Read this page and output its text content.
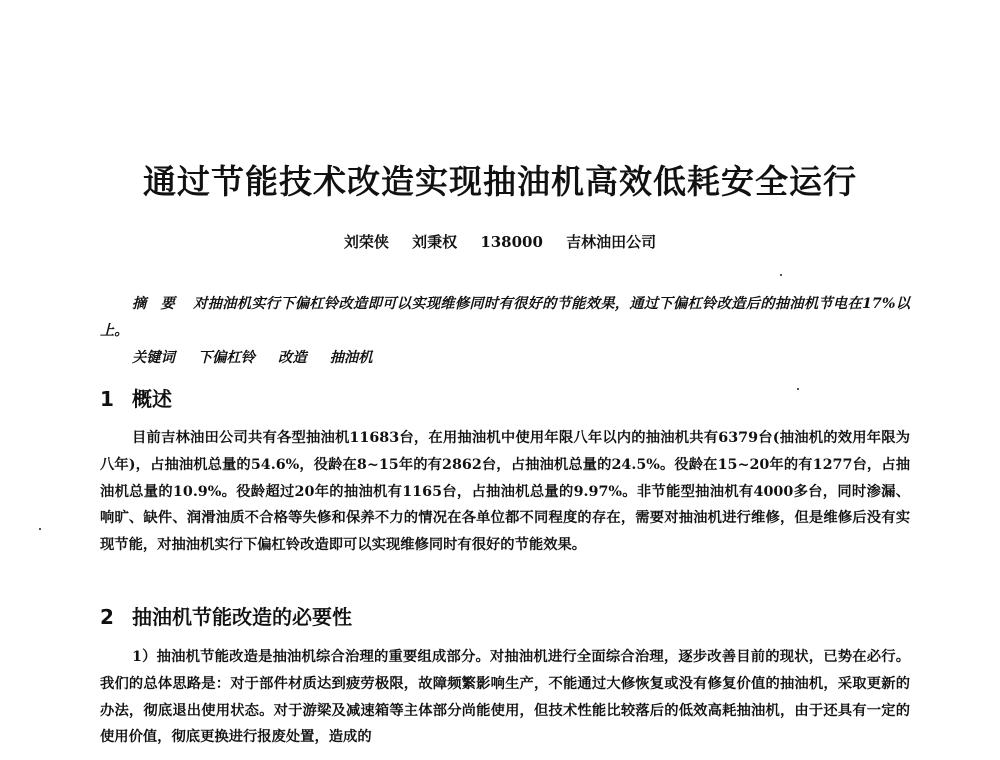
通过节能技术改造实现抽油机高效低耗安全运行
刘荣侠 刘秉权 138000 吉林油田公司
摘要 对抽油机实行下偏杠铃改造即可以实现维修同时有很好的节能效果，通过下偏杠铃改造后的抽油机节电在17%以上。
关键词 下偏杠铃 改造 抽油机
1 概述
目前吉林油田公司共有各型抽油机11683台，在用抽油机中使用年限八年以内的抽油机共有6379台(抽油机的效用年限为八年)，占抽油机总量的54.6%，役龄在8~15年的有2862台，占抽油机总量的24.5%。役龄在15~20年的有1277台，占抽油机总量的10.9%。役龄超过20年的抽油机有1165台，占抽油机总量的9.97%。非节能型抽油机有4000多台，同时渗漏、响旷、缺件、润滑油质不合格等失修和保养不力的情况在各单位都不同程度的存在，需要对抽油机进行维修，但是维修后没有实现节能，对抽油机实行下偏杠铃改造即可以实现维修同时有很好的节能效果。
2 抽油机节能改造的必要性
1）抽油机节能改造是抽油机综合治理的重要组成部分。对抽油机进行全面综合治理，逐步改善目前的现状，已势在必行。我们的总体思路是：对于部件材质达到疲劳极限，故障频繁影响生产，不能通过大修恢复或没有修复价值的抽油机，采取更新的办法，彻底退出使用状态。对于游梁及减速箱等主体部分尚能使用，但技术性能比较落后的低效高耗抽油机，由于还具有一定的使用价值，彻底更换进行报废处置，造成的
